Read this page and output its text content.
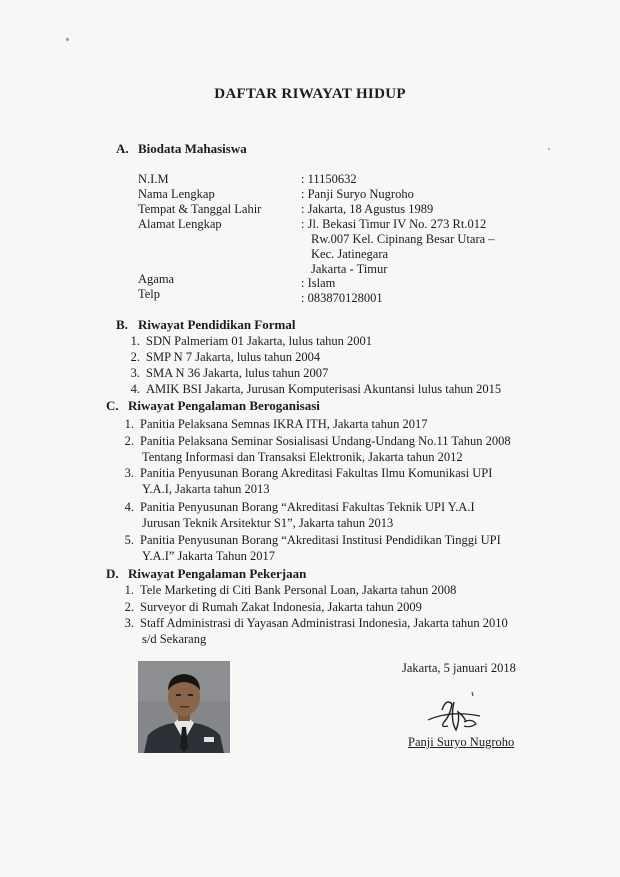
DAFTAR RIWAYAT HIDUP
A. Biodata Mahasiswa
N.I.M	: 11150632
Nama Lengkap	: Panji Suryo Nugroho
Tempat & Tanggal Lahir	: Jakarta, 18 Agustus 1989
Alamat Lengkap	: Jl. Bekasi Timur IV No. 273 Rt.012
Rw.007 Kel. Cipinang Besar Utara –
Kec. Jatinegara
Jakarta - Timur
Agama	: Islam
Telp	: 083870128001
B. Riwayat Pendidikan Formal
1. SDN Palmeriam 01 Jakarta, lulus tahun 2001
2. SMP N 7 Jakarta, lulus tahun 2004
3. SMA N 36 Jakarta, lulus tahun 2007
4. AMIK BSI Jakarta, Jurusan Komputerisasi Akuntansi lulus tahun 2015
C. Riwayat Pengalaman Beroganisasi
1. Panitia Pelaksana Semnas IKRA ITH, Jakarta tahun 2017
2. Panitia Pelaksana Seminar Sosialisasi Undang-Undang No.11 Tahun 2008
Tentang Informasi dan Transaksi Elektronik, Jakarta tahun 2012
3. Panitia Penyusunan Borang Akreditasi Fakultas Ilmu Komunikasi UPI
Y.A.I, Jakarta tahun 2013
4. Panitia Penyusunan Borang “Akreditasi Fakultas Teknik UPI Y.A.I
Jurusan Teknik Arsitektur S1”, Jakarta tahun 2013
5. Panitia Penyusunan Borang “Akreditasi Institusi Pendidikan Tinggi UPI
Y.A.I” Jakarta Tahun 2017
D. Riwayat Pengalaman Pekerjaan
1. Tele Marketing di Citi Bank Personal Loan, Jakarta tahun 2008
2. Surveyor di Rumah Zakat Indonesia, Jakarta tahun 2009
3. Staff Administrasi di Yayasan Administrasi Indonesia, Jakarta tahun 2010
s/d Sekarang
Jakarta, 5 januari 2018
Panji Suryo Nugroho
